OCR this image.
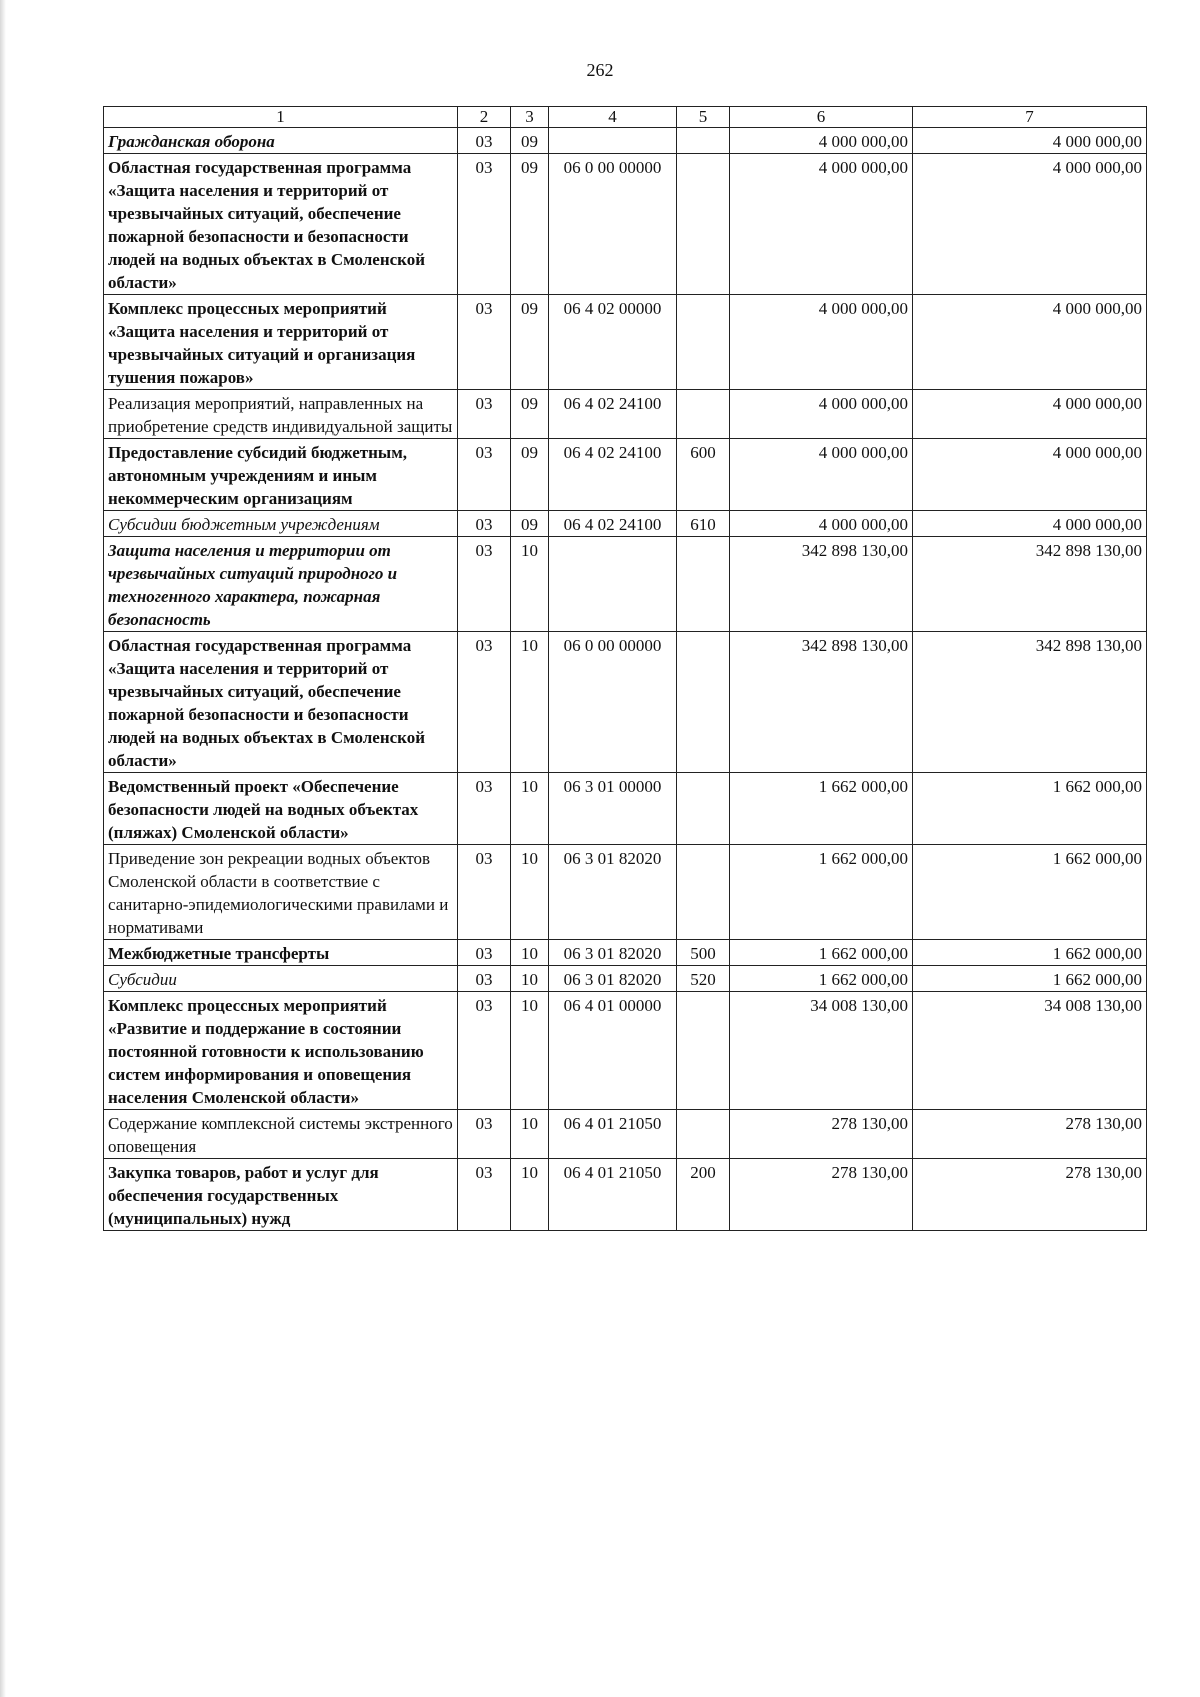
262
1	2	3	4	5	6	7
Гражданская оборона	03	09			4 000 000,00	4 000 000,00
Областная государственная программа «Защита населения и территорий от чрезвычайных ситуаций, обеспечение пожарной безопасности и безопасности людей на водных объектах в Смоленской области»	03	09	06 0 00 00000		4 000 000,00	4 000 000,00
Комплекс процессных мероприятий «Защита населения и территорий от чрезвычайных ситуаций и организация тушения пожаров»	03	09	06 4 02 00000		4 000 000,00	4 000 000,00
Реализация мероприятий, направленных на приобретение средств индивидуальной защиты	03	09	06 4 02 24100		4 000 000,00	4 000 000,00
Предоставление субсидий бюджетным, автономным учреждениям и иным некоммерческим организациям	03	09	06 4 02 24100	600	4 000 000,00	4 000 000,00
Субсидии бюджетным учреждениям	03	09	06 4 02 24100	610	4 000 000,00	4 000 000,00
Защита населения и территории от чрезвычайных ситуаций природного и техногенного характера, пожарная безопасность	03	10			342 898 130,00	342 898 130,00
Областная государственная программа «Защита населения и территорий от чрезвычайных ситуаций, обеспечение пожарной безопасности и безопасности людей на водных объектах в Смоленской области»	03	10	06 0 00 00000		342 898 130,00	342 898 130,00
Ведомственный проект «Обеспечение безопасности людей на водных объектах (пляжах) Смоленской области»	03	10	06 3 01 00000		1 662 000,00	1 662 000,00
Приведение зон рекреации водных объектов Смоленской области в соответствие с санитарно-эпидемиологическими правилами и нормативами	03	10	06 3 01 82020		1 662 000,00	1 662 000,00
Межбюджетные трансферты	03	10	06 3 01 82020	500	1 662 000,00	1 662 000,00
Субсидии	03	10	06 3 01 82020	520	1 662 000,00	1 662 000,00
Комплекс процессных мероприятий «Развитие и поддержание в состоянии постоянной готовности к использованию систем информирования и оповещения населения Смоленской области»	03	10	06 4 01 00000		34 008 130,00	34 008 130,00
Содержание комплексной системы экстренного оповещения	03	10	06 4 01 21050		278 130,00	278 130,00
Закупка товаров, работ и услуг для обеспечения государственных (муниципальных) нужд	03	10	06 4 01 21050	200	278 130,00	278 130,00
